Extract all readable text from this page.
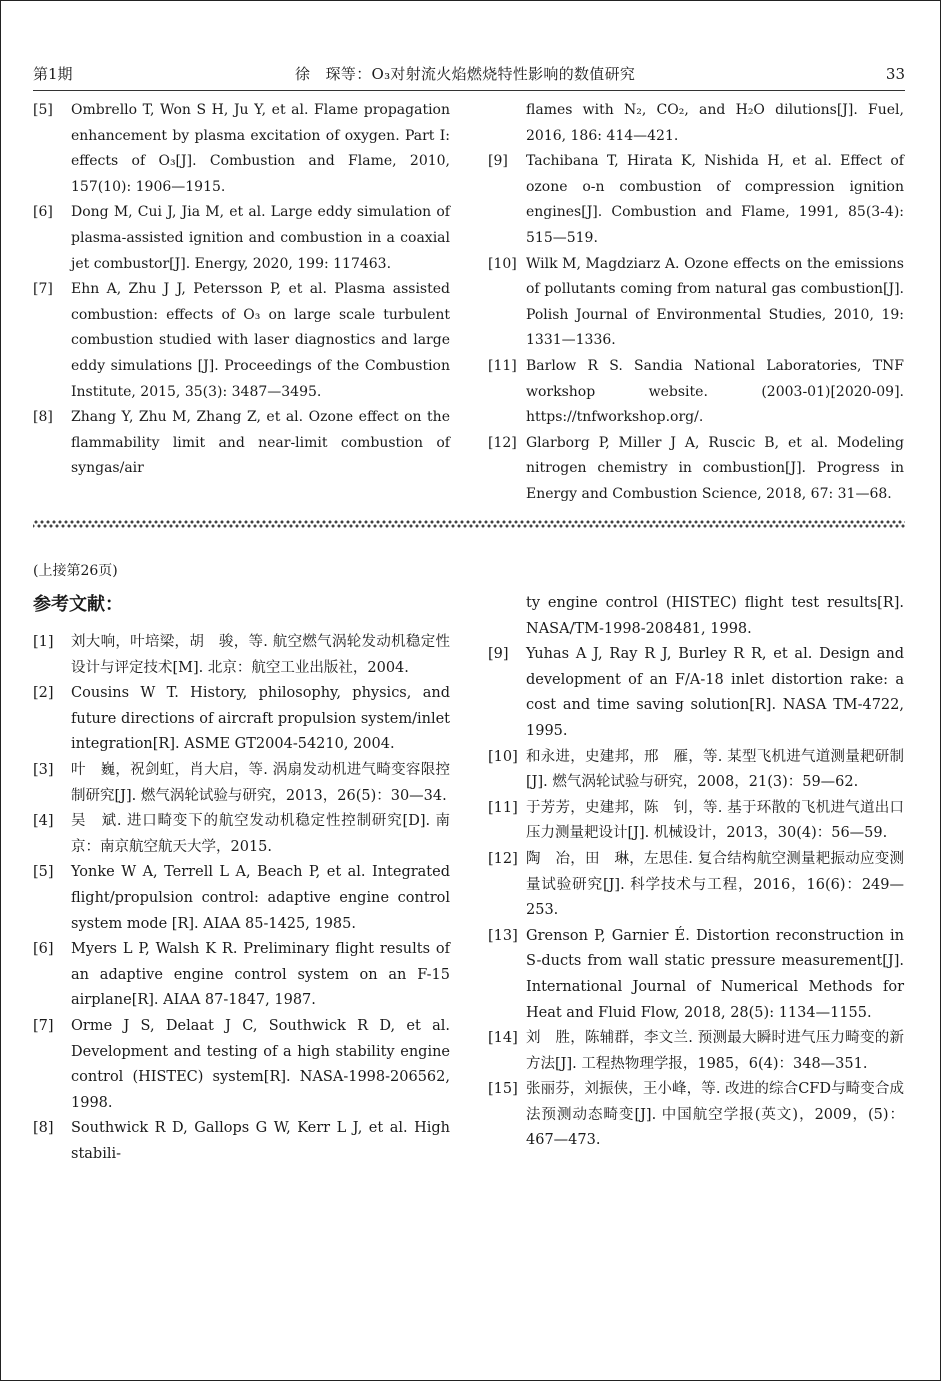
第1期	徐　琛等：O₃对射流火焰燃烧特性影响的数值研究	33
[5]	Ombrello T, Won S H, Ju Y, et al. Flame propagation enhancement by plasma excitation of oxygen. Part I: effects of O₃[J]. Combustion and Flame, 2010, 157(10): 1906—1915.
[6]	Dong M, Cui J, Jia M, et al. Large eddy simulation of plasma-assisted ignition and combustion in a coaxial jet combustor[J]. Energy, 2020, 199: 117463.
[7]	Ehn A, Zhu J J, Petersson P, et al. Plasma assisted combustion: effects of O₃ on large scale turbulent combustion studied with laser diagnostics and large eddy simulations [J]. Proceedings of the Combustion Institute, 2015, 35(3): 3487—3495.
[8]	Zhang Y, Zhu M, Zhang Z, et al. Ozone effect on the flammability limit and near-limit combustion of syngas/air
flames with N₂, CO₂, and H₂O dilutions[J]. Fuel, 2016, 186: 414—421.
[9]	Tachibana T, Hirata K, Nishida H, et al. Effect of ozone o-n combustion of compression ignition engines[J]. Combustion and Flame, 1991, 85(3-4): 515—519.
[10] Wilk M, Magdziarz A. Ozone effects on the emissions of pollutants coming from natural gas combustion[J]. Polish Journal of Environmental Studies, 2010, 19: 1331—1336.
[11] Barlow R S. Sandia National Laboratories, TNF workshop website. (2003-01)[2020-09]. https://tnfworkshop.org/.
[12] Glarborg P, Miller J A, Ruscic B, et al. Modeling nitrogen chemistry in combustion[J]. Progress in Energy and Combustion Science, 2018, 67: 31—68.
(上接第26页)
参考文献：
[1]	刘大响，叶培梁，胡　骏，等. 航空燃气涡轮发动机稳定性设计与评定技术[M]. 北京：航空工业出版社，2004.
[2]	Cousins W T. History, philosophy, physics, and future directions of aircraft propulsion system/inlet integration[R]. ASME GT2004-54210, 2004.
[3]	叶　巍，祝剑虹，肖大启，等. 涡扇发动机进气畸变容限控制研究[J]. 燃气涡轮试验与研究，2013，26(5)：30—34.
[4]	吴　斌. 进口畸变下的航空发动机稳定性控制研究[D]. 南京：南京航空航天大学，2015.
[5]	Yonke W A, Terrell L A, Beach P, et al. Integrated flight/propulsion control: adaptive engine control system mode [R]. AIAA 85-1425, 1985.
[6]	Myers L P, Walsh K R. Preliminary flight results of an adaptive engine control system on an F-15 airplane[R]. AIAA 87-1847, 1987.
[7]	Orme J S, Delaat J C, Southwick R D, et al. Development and testing of a high stability engine control (HISTEC) system[R]. NASA-1998-206562, 1998.
[8]	Southwick R D, Gallops G W, Kerr L J, et al. High stabili-
ty engine control (HISTEC) flight test results[R]. NASA/TM-1998-208481, 1998.
[9]	Yuhas A J, Ray R J, Burley R R, et al. Design and development of an F/A-18 inlet distortion rake: a cost and time saving solution[R]. NASA TM-4722, 1995.
[10] 和永进，史建邦，邢　雁，等. 某型飞机进气道测量耙研制[J]. 燃气涡轮试验与研究，2008，21(3)：59—62.
[11] 于芳芳，史建邦，陈　钊，等. 基于环散的飞机进气道出口压力测量耙设计[J]. 机械设计，2013，30(4)：56—59.
[12] 陶　冶，田　琳，左思佳. 复合结构航空测量耙振动应变测量试验研究[J]. 科学技术与工程，2016，16(6)：249—253.
[13] Grenson P, Garnier É. Distortion reconstruction in S-ducts from wall static pressure measurement[J]. International Journal of Numerical Methods for Heat and Fluid Flow, 2018, 28(5): 1134—1155.
[14] 刘　胜，陈辅群，李文兰. 预测最大瞬时进气压力畸变的新方法[J]. 工程热物理学报，1985，6(4)：348—351.
[15] 张丽芬，刘振侠，王小峰，等. 改进的综合CFD与畸变合成法预测动态畸变[J]. 中国航空学报(英文)，2009，(5)：467—473.
